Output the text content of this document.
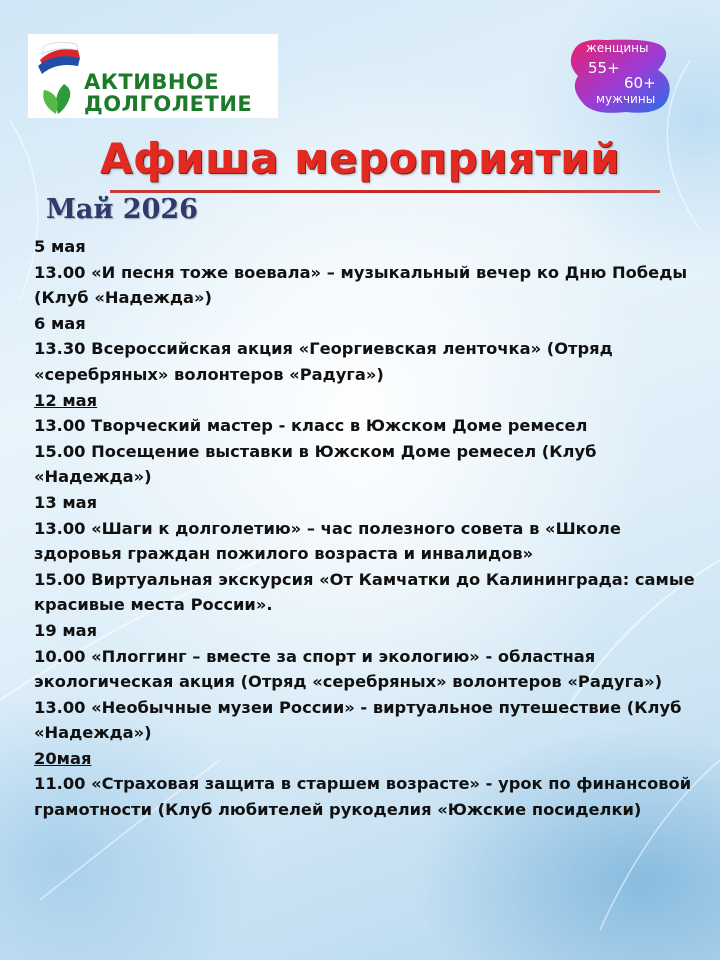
АКТИВНОЕ
ДОЛГОЛЕТИЕ
женщины
55+
60+
мужчины
Афиша мероприятий
Май 2026
5 мая
13.00 «И песня тоже воевала» – музыкальный вечер ко Дню Победы
(Клуб «Надежда»)
6 мая
13.30 Всероссийская акция «Георгиевская ленточка» (Отряд
«серебряных» волонтеров «Радуга»)
12 мая
13.00 Творческий мастер - класс в Южском Доме ремесел
15.00 Посещение выставки в Южском Доме ремесел (Клуб
«Надежда»)
13 мая
13.00 «Шаги к долголетию» – час полезного совета в «Школе
здоровья граждан пожилого возраста и инвалидов»
15.00 Виртуальная экскурсия «От Камчатки до Калининграда: самые
красивые места России».
19 мая
10.00 «Плоггинг – вместе за спорт и экологию» - областная
экологическая акция (Отряд «серебряных» волонтеров «Радуга»)
13.00 «Необычные музеи России» - виртуальное путешествие (Клуб
«Надежда»)
20мая
11.00 «Страховая защита в старшем возрасте» - урок по финансовой
грамотности (Клуб любителей рукоделия «Южские посиделки)
